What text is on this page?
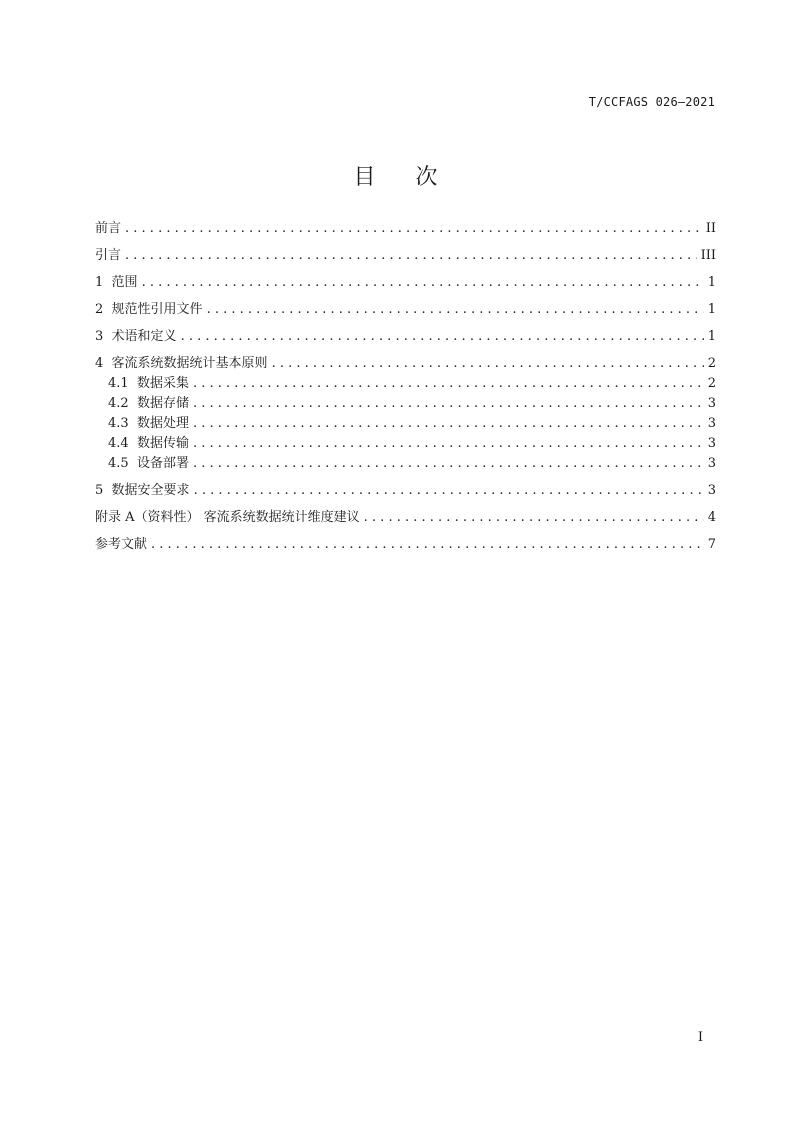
T/CCFAGS 026—2021
目 次
前言 . . .	II
引言 . . .	III
1 范围 . . .	1
2 规范性引用文件 . . .	1
3 术语和定义 . . .	1
4 客流系统数据统计基本原则 . . .	2
4.1 数据采集 . . .	2
4.2 数据存储 . . .	3
4.3 数据处理 . . .	3
4.4 数据传输 . . .	3
4.5 设备部署 . . .	3
5 数据安全要求 . . .	3
附录 A（资料性） 客流系统数据统计维度建议 . . .	4
参考文献 . . .	7
I
